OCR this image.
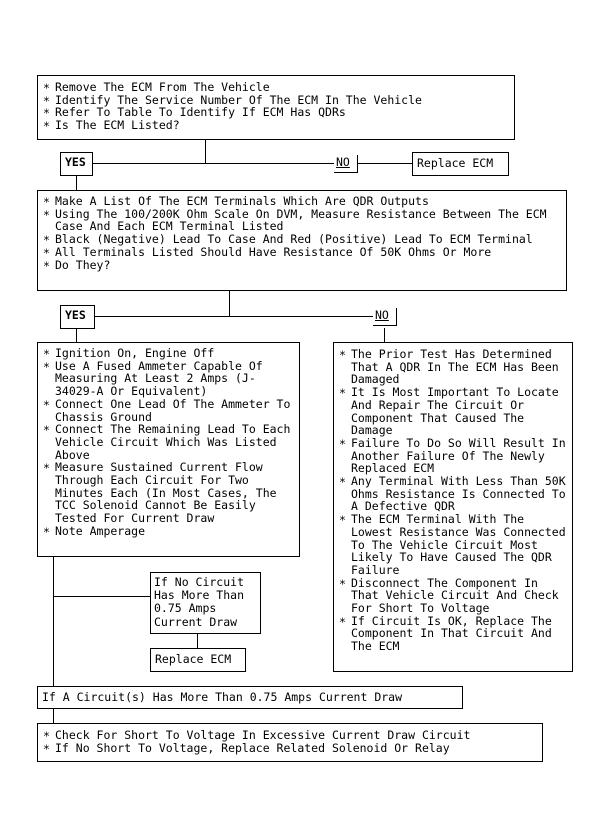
* Remove The ECM From The Vehicle
* Identify The Service Number Of The ECM In The Vehicle
* Refer To Table To Identify If ECM Has QDRs
* Is The ECM Listed?
YES	NO	Replace ECM
* Make A List Of The ECM Terminals Which Are QDR Outputs
* Using The 100/200K Ohm Scale On DVM, Measure Resistance Between The ECM Case And Each ECM Terminal Listed
* Black (Negative) Lead To Case And Red (Positive) Lead To ECM Terminal
* All Terminals Listed Should Have Resistance Of 50K Ohms Or More
* Do They?
YES	NO
* Ignition On, Engine Off
* Use A Fused Ammeter Capable Of Measuring At Least 2 Amps (J-34029-A Or Equivalent)
* Connect One Lead Of The Ammeter To Chassis Ground
* Connect The Remaining Lead To Each Vehicle Circuit Which Was Listed Above
* Measure Sustained Current Flow Through Each Circuit For Two Minutes Each (In Most Cases, The TCC Solenoid Cannot Be Easily Tested For Current Draw
* Note Amperage
* The Prior Test Has Determined That A QDR In The ECM Has Been Damaged
* It Is Most Important To Locate And Repair The Circuit Or Component That Caused The Damage
* Failure To Do So Will Result In Another Failure Of The Newly Replaced ECM
* Any Terminal With Less Than 50K Ohms Resistance Is Connected To A Defective QDR
* The ECM Terminal With The Lowest Resistance Was Connected To The Vehicle Circuit Most Likely To Have Caused The QDR Failure
* Disconnect The Component In That Vehicle Circuit And Check For Short To Voltage
* If Circuit Is OK, Replace The Component In That Circuit And The ECM
If No Circuit
Has More Than
0.75 Amps
Current Draw
Replace ECM
If A Circuit(s) Has More Than 0.75 Amps Current Draw
* Check For Short To Voltage In Excessive Current Draw Circuit
* If No Short To Voltage, Replace Related Solenoid Or Relay
